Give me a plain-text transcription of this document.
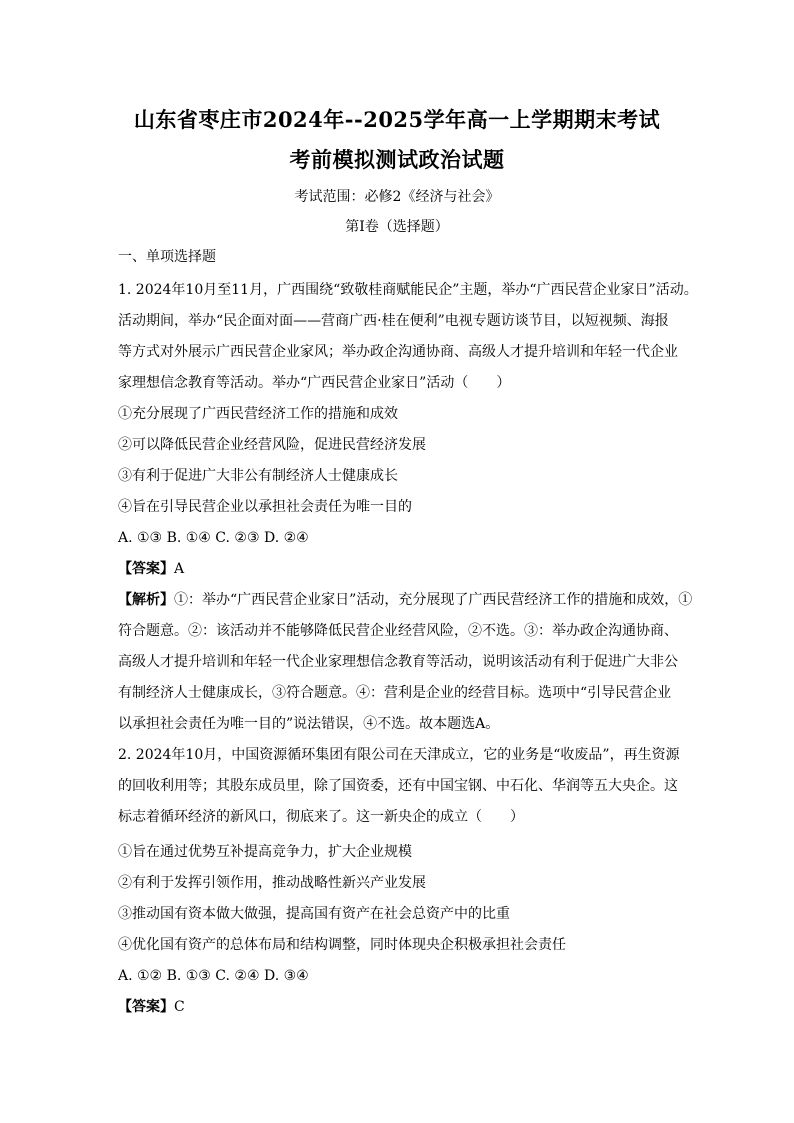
山东省枣庄市2024年--2025学年高一上学期期末考试
考前模拟测试政治试题
考试范围：必修2《经济与社会》
第I卷（选择题）
一、单项选择题
1. 2024年10月至11月，广西围绕“致敬桂商赋能民企”主题，举办“广西民营企业家日”活动。
活动期间，举办“民企面对面——营商广西·桂在便利”电视专题访谈节目，以短视频、海报
等方式对外展示广西民营企业家风；举办政企沟通协商、高级人才提升培训和年轻一代企业
家理想信念教育等活动。举办“广西民营企业家日”活动（　　）
①充分展现了广西民营经济工作的措施和成效
②可以降低民营企业经营风险，促进民营经济发展
③有利于促进广大非公有制经济人士健康成长
④旨在引导民营企业以承担社会责任为唯一目的
A. ①③ B. ①④ C. ②③ D. ②④
【答案】A
【解析】①：举办“广西民营企业家日”活动，充分展现了广西民营经济工作的措施和成效，①
符合题意。②：该活动并不能够降低民营企业经营风险，②不选。③：举办政企沟通协商、
高级人才提升培训和年轻一代企业家理想信念教育等活动，说明该活动有利于促进广大非公
有制经济人士健康成长，③符合题意。④：营利是企业的经营目标。选项中“引导民营企业
以承担社会责任为唯一目的”说法错误，④不选。故本题选A。
2. 2024年10月，中国资源循环集团有限公司在天津成立，它的业务是“收废品”，再生资源
的回收利用等；其股东成员里，除了国资委，还有中国宝钢、中石化、华润等五大央企。这
标志着循环经济的新风口，彻底来了。这一新央企的成立（　　）
①旨在通过优势互补提高竞争力，扩大企业规模
②有利于发挥引领作用，推动战略性新兴产业发展
③推动国有资本做大做强，提高国有资产在社会总资产中的比重
④优化国有资产的总体布局和结构调整，同时体现央企积极承担社会责任
A. ①② B. ①③ C. ②④ D. ③④
【答案】C
